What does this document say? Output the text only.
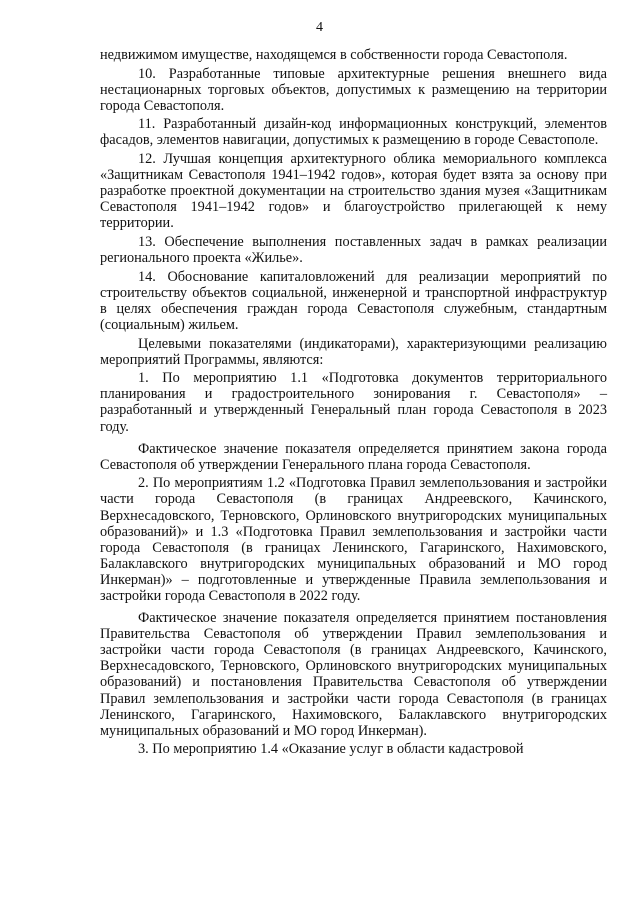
4

недвижимом имуществе, находящемся в собственности города Севастополя.

10. Разработанные типовые архитектурные решения внешнего вида нестационарных торговых объектов, допустимых к размещению на территории города Севастополя.

11. Разработанный дизайн-код информационных конструкций, элементов фасадов, элементов навигации, допустимых к размещению в городе Севастополе.

12. Лучшая концепция архитектурного облика мемориального комплекса «Защитникам Севастополя 1941–1942 годов», которая будет взята за основу при разработке проектной документации на строительство здания музея «Защитникам Севастополя 1941–1942 годов» и благоустройство прилегающей к нему территории.

13. Обеспечение выполнения поставленных задач в рамках реализации регионального проекта «Жилье».

14. Обоснование капиталовложений для реализации мероприятий по строительству объектов социальной, инженерной и транспортной инфраструктур в целях обеспечения граждан города Севастополя служебным, стандартным (социальным) жильем.

Целевыми показателями (индикаторами), характеризующими реализацию мероприятий Программы, являются:

1. По мероприятию 1.1 «Подготовка документов территориального планирования и градостроительного зонирования г. Севастополя» – разработанный и утвержденный Генеральный план города Севастополя в 2023 году.

Фактическое значение показателя определяется принятием закона города Севастополя об утверждении Генерального плана города Севастополя.

2. По мероприятиям 1.2 «Подготовка Правил землепользования и застройки части города Севастополя (в границах Андреевского, Качинского, Верхнесадовского, Терновского, Орлиновского внутригородских муниципальных образований)» и 1.3 «Подготовка Правил землепользования и застройки части города Севастополя (в границах Ленинского, Гагаринского, Нахимовского, Балаклавского внутригородских муниципальных образований и МО город Инкерман)» – подготовленные и утвержденные Правила землепользования и застройки города Севастополя в 2022 году.

Фактическое значение показателя определяется принятием постановления Правительства Севастополя об утверждении Правил землепользования и застройки части города Севастополя (в границах Андреевского, Качинского, Верхнесадовского, Терновского, Орлиновского внутригородских муниципальных образований) и постановления Правительства Севастополя об утверждении Правил землепользования и застройки части города Севастополя (в границах Ленинского, Гагаринского, Нахимовского, Балаклавского внутригородских муниципальных образований и МО город Инкерман).

3. По мероприятию 1.4 «Оказание услуг в области кадастровой
